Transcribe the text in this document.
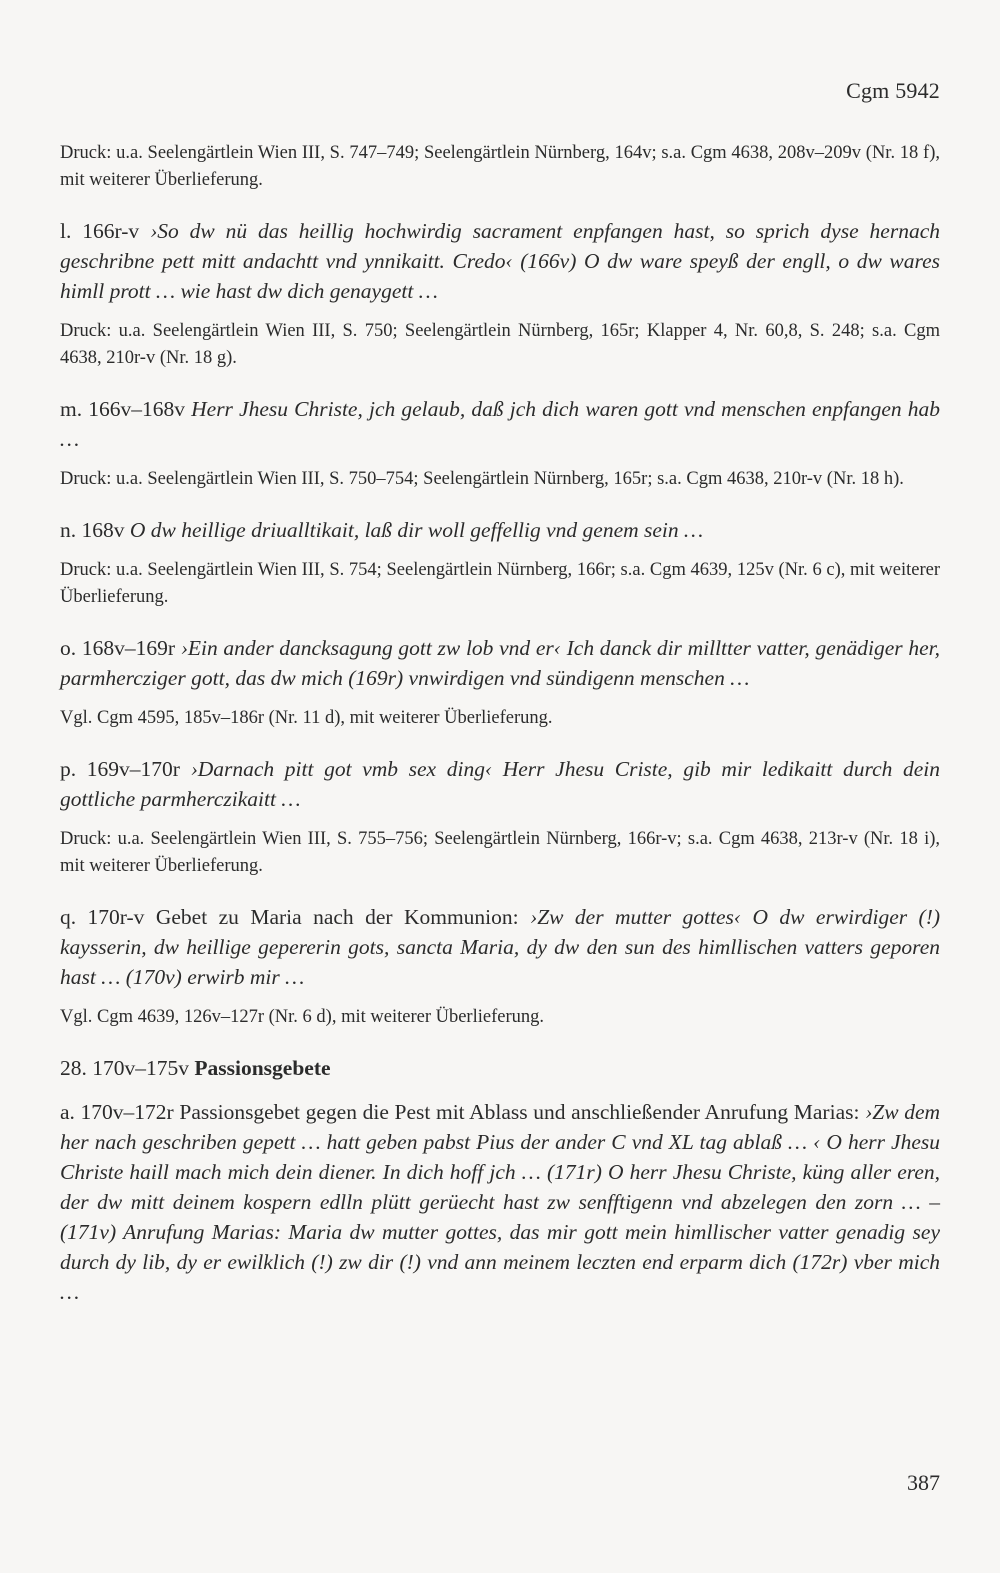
Cgm 5942

Druck: u.a. Seelengärtlein Wien III, S. 747–749; Seelengärtlein Nürnberg, 164v; s.a. Cgm 4638, 208v–209v (Nr. 18 f), mit weiterer Überlieferung.

l. 166r-v ›So dw nü das heillig hochwirdig sacrament enpfangen hast, so sprich dyse hernach geschribne pett mitt andachtt vnd ynnikaitt. Credo‹ (166v) O dw ware speyß der engll, o dw wares himll prott … wie hast dw dich genaygett …

Druck: u.a. Seelengärtlein Wien III, S. 750; Seelengärtlein Nürnberg, 165r; Klapper 4, Nr. 60,8, S. 248; s.a. Cgm 4638, 210r-v (Nr. 18 g).

m. 166v–168v Herr Jhesu Christe, jch gelaub, daß jch dich waren gott vnd menschen enpfangen hab …

Druck: u.a. Seelengärtlein Wien III, S. 750–754; Seelengärtlein Nürnberg, 165r; s.a. Cgm 4638, 210r-v (Nr. 18 h).

n. 168v O dw heillige driualltikait, laß dir woll geffellig vnd genem sein …

Druck: u.a. Seelengärtlein Wien III, S. 754; Seelengärtlein Nürnberg, 166r; s.a. Cgm 4639, 125v (Nr. 6 c), mit weiterer Überlieferung.

o. 168v–169r ›Ein ander dancksagung gott zw lob vnd er‹ Ich danck dir milltter vatter, genädiger her, parmhercziger gott, das dw mich (169r) vnwirdigen vnd sündigenn menschen …

Vgl. Cgm 4595, 185v–186r (Nr. 11 d), mit weiterer Überlieferung.

p. 169v–170r ›Darnach pitt got vmb sex ding‹ Herr Jhesu Criste, gib mir ledikaitt durch dein gottliche parmherczikaitt …

Druck: u.a. Seelengärtlein Wien III, S. 755–756; Seelengärtlein Nürnberg, 166r-v; s.a. Cgm 4638, 213r-v (Nr. 18 i), mit weiterer Überlieferung.

q. 170r-v Gebet zu Maria nach der Kommunion: ›Zw der mutter gottes‹ O dw erwirdiger (!) kaysserin, dw heillige gepererin gots, sancta Maria, dy dw den sun des himllischen vatters geporen hast … (170v) erwirb mir …

Vgl. Cgm 4639, 126v–127r (Nr. 6 d), mit weiterer Überlieferung.

28. 170v–175v Passionsgebete

a. 170v–172r Passionsgebet gegen die Pest mit Ablass und anschließender Anrufung Marias: ›Zw dem her nach geschriben gepett … hatt geben pabst Pius der ander C vnd XL tag ablaß … ‹ O herr Jhesu Christe haill mach mich dein diener. In dich hoff jch … (171r) O herr Jhesu Christe, küng aller eren, der dw mitt deinem kospern edlln plütt gerüecht hast zw senfftigenn vnd abzelegen den zorn … – (171v) Anrufung Marias: Maria dw mutter gottes, das mir gott mein himllischer vatter genadig sey durch dy lib, dy er ewilklich (!) zw dir (!) vnd ann meinem leczten end erparm dich (172r) vber mich …

387
